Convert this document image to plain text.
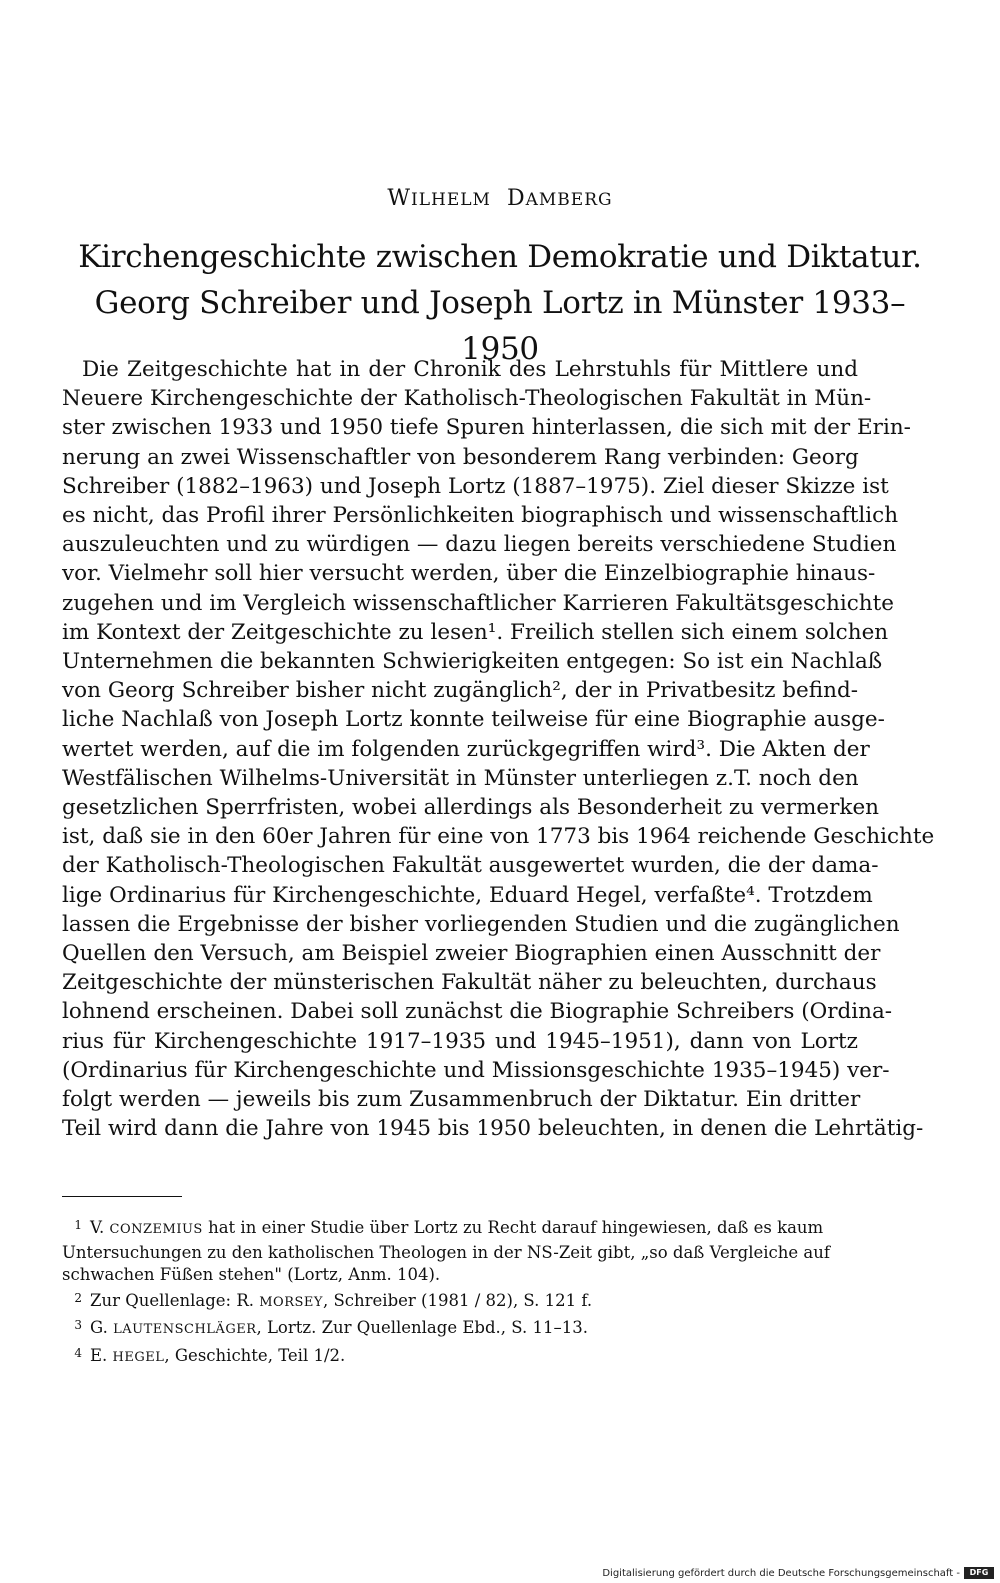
WILHELM DAMBERG
Kirchengeschichte zwischen Demokratie und Diktatur.
Georg Schreiber und Joseph Lortz in Münster 1933–1950
Die Zeitgeschichte hat in der Chronik des Lehrstuhls für Mittlere und
Neuere Kirchengeschichte der Katholisch-Theologischen Fakultät in Mün-
ster zwischen 1933 und 1950 tiefe Spuren hinterlassen, die sich mit der Erin-
nerung an zwei Wissenschaftler von besonderem Rang verbinden: Georg
Schreiber (1882–1963) und Joseph Lortz (1887–1975). Ziel dieser Skizze ist
es nicht, das Profil ihrer Persönlichkeiten biographisch und wissenschaftlich
auszuleuchten und zu würdigen — dazu liegen bereits verschiedene Studien
vor. Vielmehr soll hier versucht werden, über die Einzelbiographie hinaus-
zugehen und im Vergleich wissenschaftlicher Karrieren Fakultätsgeschichte
im Kontext der Zeitgeschichte zu lesen¹. Freilich stellen sich einem solchen
Unternehmen die bekannten Schwierigkeiten entgegen: So ist ein Nachlaß
von Georg Schreiber bisher nicht zugänglich², der in Privatbesitz befind-
liche Nachlaß von Joseph Lortz konnte teilweise für eine Biographie ausge-
wertet werden, auf die im folgenden zurückgegriffen wird³. Die Akten der
Westfälischen Wilhelms-Universität in Münster unterliegen z.T. noch den
gesetzlichen Sperrfristen, wobei allerdings als Besonderheit zu vermerken
ist, daß sie in den 60er Jahren für eine von 1773 bis 1964 reichende Geschichte
der Katholisch-Theologischen Fakultät ausgewertet wurden, die der dama-
lige Ordinarius für Kirchengeschichte, Eduard Hegel, verfaßte⁴. Trotzdem
lassen die Ergebnisse der bisher vorliegenden Studien und die zugänglichen
Quellen den Versuch, am Beispiel zweier Biographien einen Ausschnitt der
Zeitgeschichte der münsterischen Fakultät näher zu beleuchten, durchaus
lohnend erscheinen. Dabei soll zunächst die Biographie Schreibers (Ordina-
rius für Kirchengeschichte 1917–1935 und 1945–1951), dann von Lortz
(Ordinarius für Kirchengeschichte und Missionsgeschichte 1935–1945) ver-
folgt werden — jeweils bis zum Zusammenbruch der Diktatur. Ein dritter
Teil wird dann die Jahre von 1945 bis 1950 beleuchten, in denen die Lehrtätig-
1 V. CONZEMIUS hat in einer Studie über Lortz zu Recht darauf hingewiesen, daß es kaum
Untersuchungen zu den katholischen Theologen in der NS-Zeit gibt, „so daß Vergleiche auf
schwachen Füßen stehen" (Lortz, Anm. 104).
2 Zur Quellenlage: R. MORSEY, Schreiber (1981 / 82), S. 121 f.
3 G. LAUTENSCHLÄGER, Lortz. Zur Quellenlage Ebd., S. 11–13.
4 E. HEGEL, Geschichte, Teil 1/2.
Digitalisierung gefördert durch die Deutsche Forschungsgemeinschaft -	DFG
